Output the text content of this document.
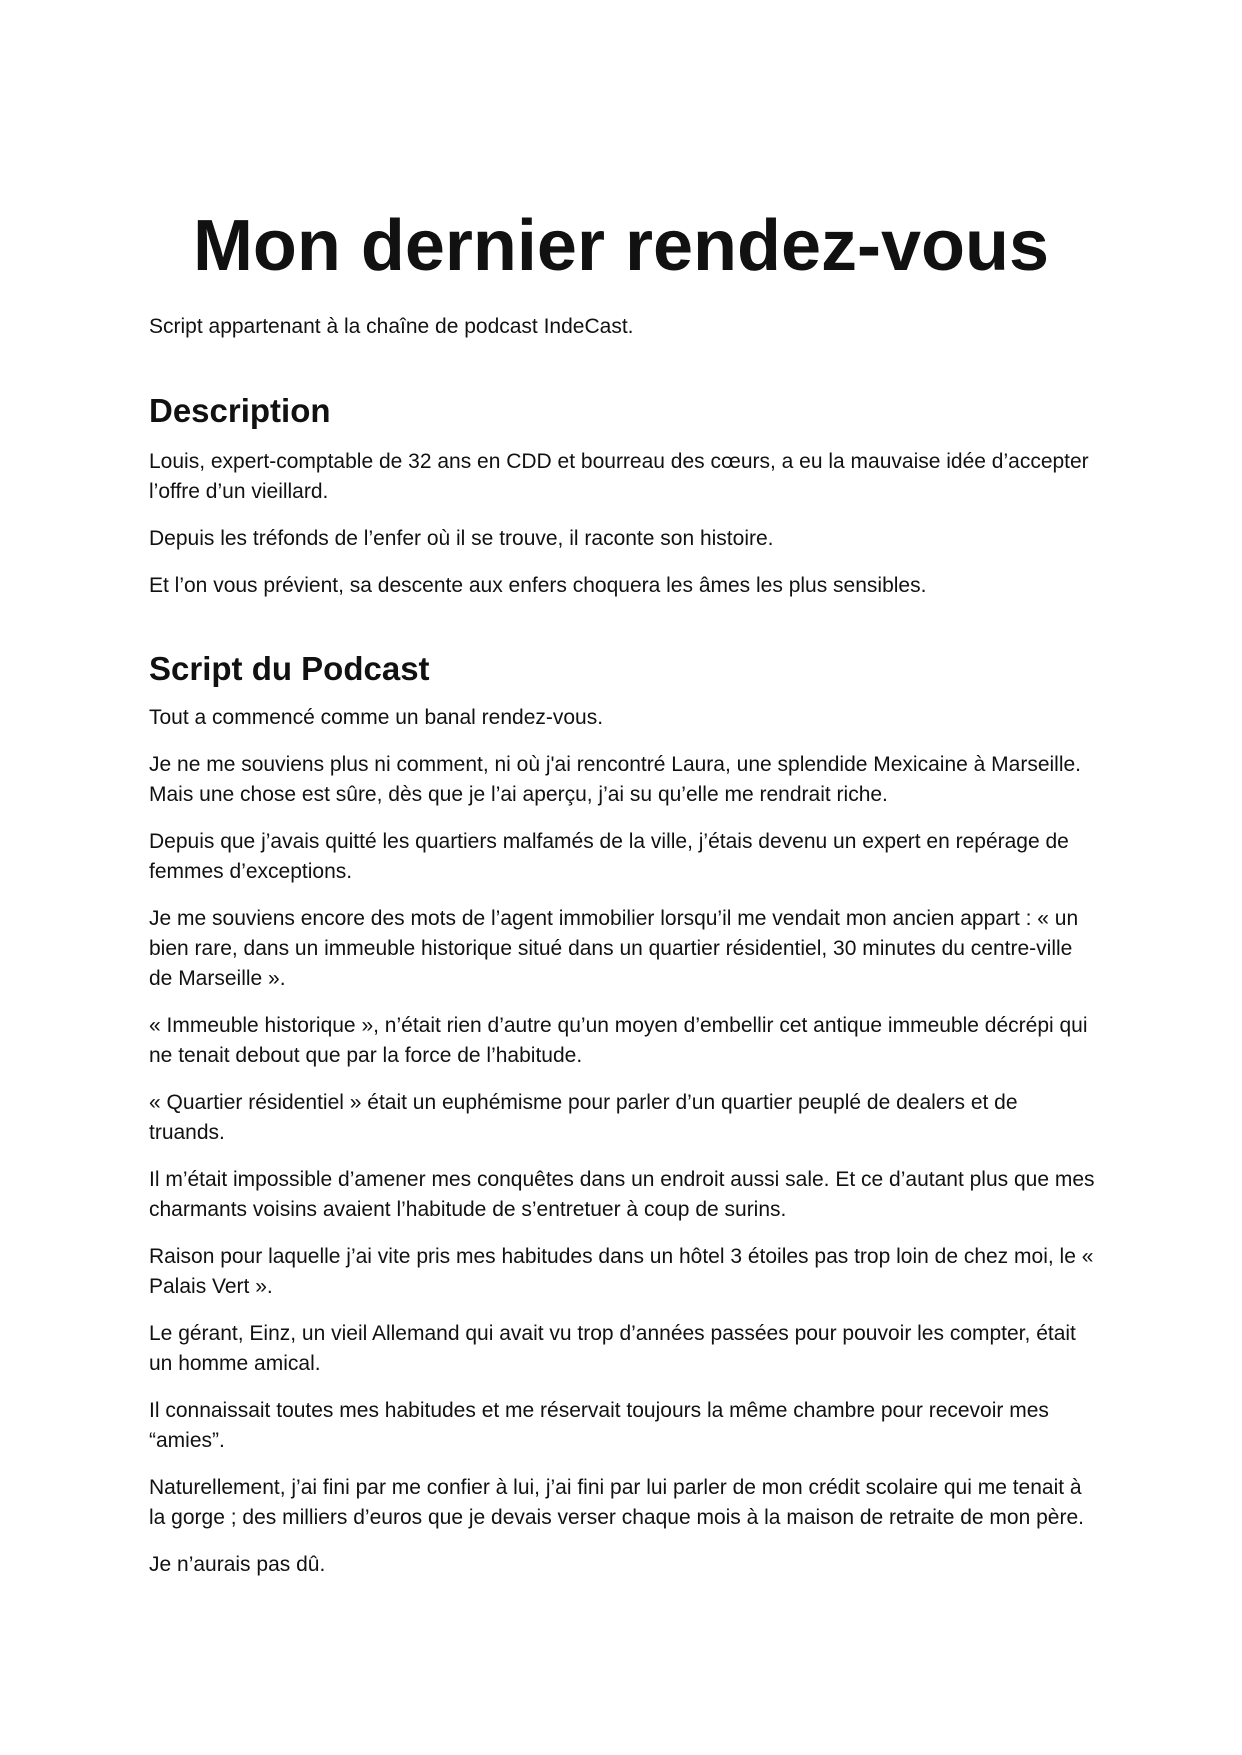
Mon dernier rendez-vous

Script appartenant à la chaîne de podcast IndeCast.

Description

Louis, expert-comptable de 32 ans en CDD et bourreau des cœurs, a eu la mauvaise idée d’accepter l’offre d’un vieillard.

Depuis les tréfonds de l’enfer où il se trouve, il raconte son histoire.

Et l’on vous prévient, sa descente aux enfers choquera les âmes les plus sensibles.

Script du Podcast

Tout a commencé comme un banal rendez-vous.

Je ne me souviens plus ni comment, ni où j'ai rencontré Laura, une splendide Mexicaine à Marseille. Mais une chose est sûre, dès que je l’ai aperçu, j’ai su qu’elle me rendrait riche.

Depuis que j’avais quitté les quartiers malfamés de la ville, j’étais devenu un expert en repérage de femmes d’exceptions.

Je me souviens encore des mots de l’agent immobilier lorsqu’il me vendait mon ancien appart : « un bien rare, dans un immeuble historique situé dans un quartier résidentiel, 30 minutes du centre-ville de Marseille ».

« Immeuble historique », n’était rien d’autre qu’un moyen d’embellir cet antique immeuble décrépi qui ne tenait debout que par la force de l’habitude.

« Quartier résidentiel » était un euphémisme pour parler d’un quartier peuplé de dealers et de truands.

Il m’était impossible d’amener mes conquêtes dans un endroit aussi sale. Et ce d’autant plus que mes charmants voisins avaient l’habitude de s’entretuer à coup de surins.

Raison pour laquelle j’ai vite pris mes habitudes dans un hôtel 3 étoiles pas trop loin de chez moi, le « Palais Vert ».

Le gérant, Einz, un vieil Allemand qui avait vu trop d’années passées pour pouvoir les compter, était un homme amical.

Il connaissait toutes mes habitudes et me réservait toujours la même chambre pour recevoir mes “amies”.

Naturellement, j’ai fini par me confier à lui, j’ai fini par lui parler de mon crédit scolaire qui me tenait à la gorge ; des milliers d’euros que je devais verser chaque mois à la maison de retraite de mon père.

Je n’aurais pas dû.
